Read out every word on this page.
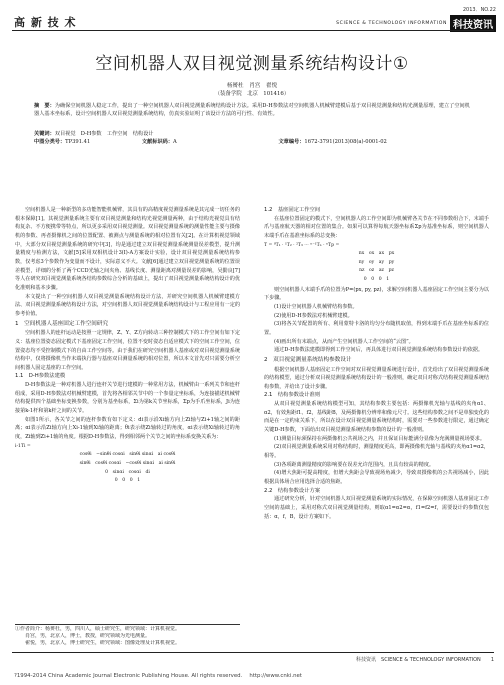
高 新 技 术
2013．NO.22
SCIENCE & TECHNOLOGY INFORMATION 科技资讯
空间机器人双目视觉测量系统结构设计①
杨赟杜　肖宫　翟悦
（装备学院　北京　101416）
摘　要：为确保空间机器人稳定工作，提出了一种空间机器人双目视觉测量系统结构设计方法。采用D-H参数法对空间机器人机械臂建模后基于双目视觉测量和结构光测量原理，建立了空间机器人基本坐标系，设计空间机器人双目视觉测量系统结构，仿真实验证明了该设计方法的可行性、有效性。
关键词：双目视觉　D-H参数　工作空间　结构设计
中图分类号：TP391.41	文献标识码：A	文章编号：1672-3791(2013)08(a)-0001-02

空间机器人是一种新型的多功能智能机械臂，其具有的高精度视觉测量系统是其完成一切任务的根本保障[1]。其视觉测量系统主要有双目视觉测量和结构光视觉测量两种，由于结构光视觉具有结构复杂、不方便携带等特点，所以更多采用双目视觉测量。双目视觉测量系统的测量性能主要与摄像机的参数、再者摄像机之间的位置配置、被测点与测量系统的相对位置有关[2]。在计算机视觉领域中，大部分双目视觉测量系统的研究中[3]，均是通过建立双目视觉测量系统测量误差模型，提升测量精度与检测方法，文献[5]采用双相机设计3(I)-A方案设计实验，设计双目视觉测量系统结构参数，仅考虑3个参数作为变量而不设计，实际意义不大。文献[6]通过建立双目视觉测量系统的位置误差模型，详细的分析了两个CCD光轴之间夹角、基线长度、测量距离对测量误差的影响，吴勤良[7]等人在研究双目视觉测量系统各结构参数综合分析的基础上，提出了双目视觉测量系统结构设计的优化准则和基本步骤。

本文提出了一种空间机器人双目视觉测量系统结构设计方法，并研究空间机器人机械臂建模方法、双目视觉测量系统结构设计方法，对空间机器人双目视觉测量系统结构设计与工程应用有一定的参考价值。

1　空间机器人基座固定工作空间研究

空间机器人的连杆运动是按照一定规律，Z、Y、Z方向转动三种控制模式下的工作空间有如下定义：基座位置姿态固定模式下基座固定工作空间，位置不变时姿态自适应模式下的空间工作空间，位置姿态均不受控制模式下的自由工作空间等。由于我们在研究空间机器人基座或对双目视觉测量系统结构中，仅将摄像机当作末端执行器与基座双目测量系统的相对位置，所以本文首先对只需要分析空间机器人固定基座的工作空间。

1.1　D-H参数法建模

D-H参数法是一种对机器人进行连杆关节进行建模的一种常用方法，机械臂由一系列关节和连杆组成，采用D-H参数法对机械臂建模，首先将各相邻关节中的一个参量定坐标系，为连接描述机械臂结构提供四个基础坐标变换参数，分别为基坐标系，Σi为第k关节坐标系，Σp为手爪坐标系，Ji为连接第k-1杆和第k杆之间的关节。

如图1所示，各关节之间的连杆参数有如下定义：di表示沿Xi轴方向上Zi轴与Zi+1轴之间的距离；αi表示沿Zi轴方向上Xi-1轴到Xi轴的距离；θi表示绕Zi轴转过的角度，αi表示绕Xi轴转过的角度，Zi轴到Zi+1轴的角度。根据D-H参数法，得到相邻两个关节之间的坐标系变换关系为：

i-1Ti =
cosθi　−sinθi cosαi　sinθi sinαi　ai cosθi
sinθi　cosθi cosαi　−cosθi sinαi　ai sinθi
0　sinαi　cosαi　di
0　0　0　1
1.2　基座固定工作空间

在基座位置固定的模式下，空间机器人的工作空间即为机械臂各关节在不同参数组合下，末端手爪与基座航天器的相对位置的集合。如果可以算得每航天器坐标系Σp为基准坐标系，则空间机器人末端手爪在基准坐标系的总变换：

T = ⁰T₁ · ¹T₂ · ²T₃ ⋯ ⁿ⁻¹Tₙ · ⁿTp =
nx　ox　ax　px
ny　oy　ay　py
nz　oz　az　pz
0　0　0　1

则空间机器人末端手爪的位置为P=(px, py, pz)，求解空间机器人基座固定工作空间主要分为以下步骤。

(1)设计空间机器人机械臂结构参数。

(2)使用D-H参数法对机械臂建模。

(3)将各关节配置的所有、利用蒙特卡洛的均匀分布随机取值，得到末端手爪在基座坐标系的位置。

(4)画出所有末端点，从而产生空间机器人工作空间的“云图”。

通过D-H参数法建模即得到工作空间后，再具体进行双目视觉测量系统结构参数设计的依据。

2　双目视觉测量系统结构参数设计

根据空间机器人基座固定工作空间对双目视觉测量系统进行设计，首先给出了双目视觉测量系统的结构模型，通过分析双目视觉测量系统结构设计的一般准则，确定双目对称式结构视觉测量系统结构参数，并给出了设计步骤。

2.1　结构参数设计准则

从双目视觉测量系统结构模型可知，其结构参数主要包括：两摄像机光轴与基线的夹角α1、α2，有效焦距f1、f2，基线距B，及两摄像机分辨率和像元尺寸。这些结构参数之间不是单独变化的而是在一定约束关系下，所以在设计双目视觉测量系统结构时，需要对一些参数进行限定，通过确定关键D-H参数，下面给出双目视觉测量系统结构参数的设计的一般准则。

(1)测量目标须保持在两摄像机公共视场之内，并且保证目标能满分显像为充满测量视场要求。

(2)双目视觉测量系统采用对称结构时，测量精度更高，即两摄像机光轴与基线的夹角α1=α2，相等。

(3)各项距离测量精度的影响要在误差允许范围内，且具有较高的精度。

(4)增大焦距可提高精度，但增大焦距会导致视场角减少，导致双摄像机的公共视场减小，因此根据具体场合应用选择合适的焦距。

2.2　结构参数设计方案

通过研究分析，针对空间机器人双目视觉测量系统的实际情况，在保障空间机器人基座固定工作空间的基础上，采用对称式双目视觉测量结构，则取α1=α2=α，f1=f2=f，需要设计的参数仅包括：α，f，B，设计方案如下。

①作者简介：杨赟杜，男，四川人，硕士研究生，研究领域：计算机视觉。
　　肖宫，男，北京人，博士，教授，研究领域为光电测量。
　　翟悦，男，北京人，博士研究生，研究领域：图像处理及计算机视觉。
科技资讯　SCIENCE & TECHNOLOGY INFORMATION　　 1
?1994-2014 China Academic Journal Electronic Publishing House. All rights reserved.　 http://www.cnki.net
